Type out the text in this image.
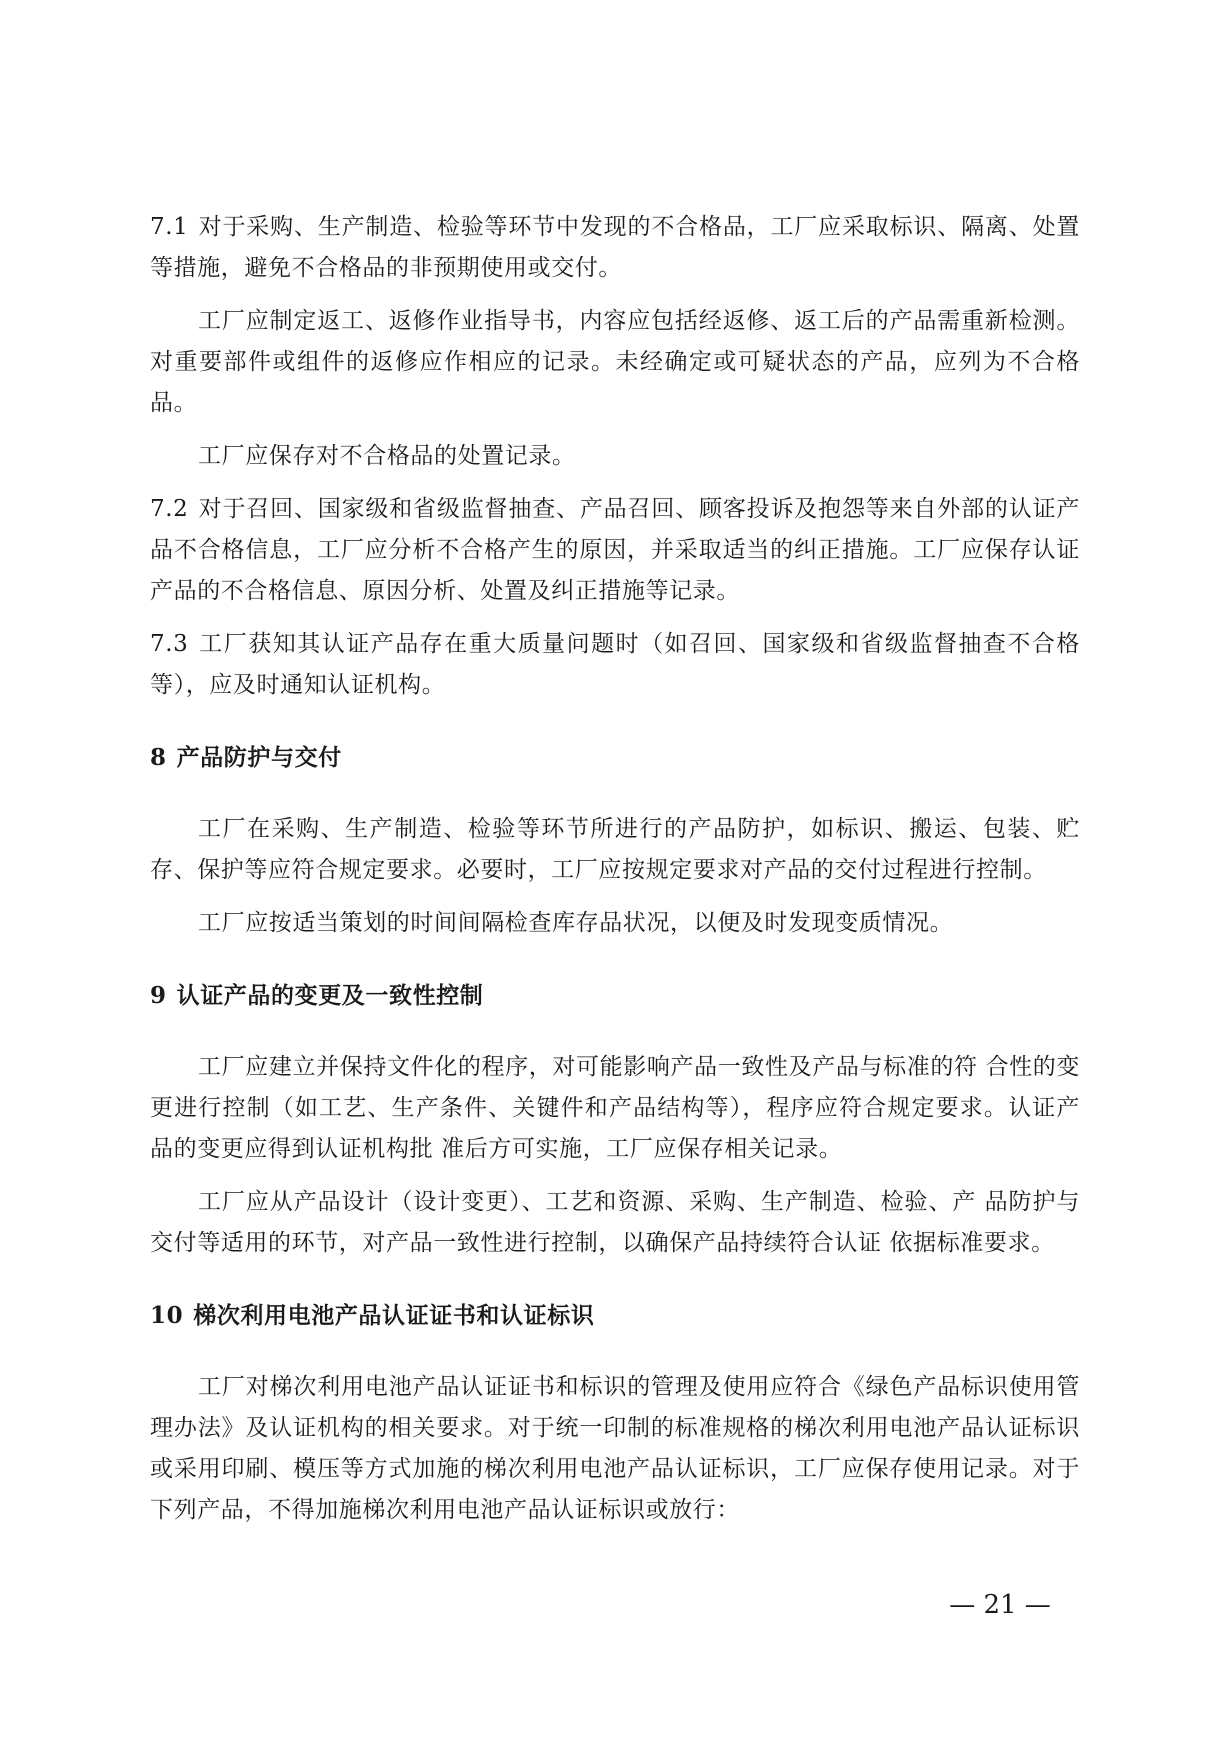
7.1 对于采购、生产制造、检验等环节中发现的不合格品，工厂应采取标识、隔离、处置等措施，避免不合格品的非预期使用或交付。

工厂应制定返工、返修作业指导书，内容应包括经返修、返工后的产品需重新检测。对重要部件或组件的返修应作相应的记录。未经确定或可疑状态的产品，应列为不合格品。

工厂应保存对不合格品的处置记录。

7.2 对于召回、国家级和省级监督抽查、产品召回、顾客投诉及抱怨等来自外部的认证产品不合格信息，工厂应分析不合格产生的原因，并采取适当的纠正措施。工厂应保存认证产品的不合格信息、原因分析、处置及纠正措施等记录。

7.3 工厂获知其认证产品存在重大质量问题时（如召回、国家级和省级监督抽查不合格等），应及时通知认证机构。

8 产品防护与交付

工厂在采购、生产制造、检验等环节所进行的产品防护，如标识、搬运、包装、贮存、保护等应符合规定要求。必要时，工厂应按规定要求对产品的交付过程进行控制。

工厂应按适当策划的时间间隔检查库存品状况，以便及时发现变质情况。

9 认证产品的变更及一致性控制

工厂应建立并保持文件化的程序，对可能影响产品一致性及产品与标准的符 合性的变更进行控制（如工艺、生产条件、关键件和产品结构等），程序应符合规定要求。认证产品的变更应得到认证机构批 准后方可实施，工厂应保存相关记录。

工厂应从产品设计（设计变更）、工艺和资源、采购、生产制造、检验、产 品防护与交付等适用的环节，对产品一致性进行控制，以确保产品持续符合认证 依据标准要求。

10 梯次利用电池产品认证证书和认证标识

工厂对梯次利用电池产品认证证书和标识的管理及使用应符合《绿色产品标识使用管理办法》及认证机构的相关要求。对于统一印制的标准规格的梯次利用电池产品认证标识或采用印刷、模压等方式加施的梯次利用电池产品认证标识，工厂应保存使用记录。对于下列产品，不得加施梯次利用电池产品认证标识或放行：

— 21 —
